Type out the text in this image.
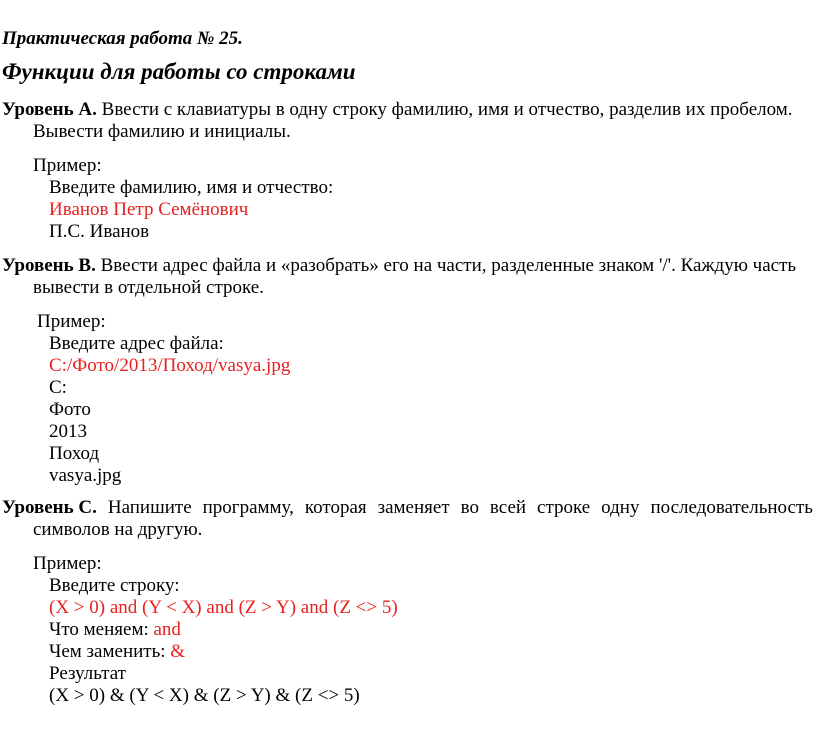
Практическая работа № 25.
Функции для работы со строками
Уровень А. Ввести с клавиатуры в одну строку фамилию, имя и отчество, разделив их пробелом.
Вывести фамилию и инициалы.
Пример:
Введите фамилию, имя и отчество:
Иванов Петр Семёнович
П.С. Иванов
Уровень В. Ввести адрес файла и «разобрать» его на части, разделенные знаком '/'. Каждую часть
вывести в отдельной строке.
Пример:
Введите адрес файла:
C:/Фото/2013/Поход/vasya.jpg
C:
Фото
2013
Поход
vasya.jpg
Уровень С. Напишите программу, которая заменяет во всей строке одну последовательность
символов на другую.
Пример:
Введите строку:
(X > 0) and (Y < X) and (Z > Y) and (Z <> 5)
Что меняем: and
Чем заменить: &
Результат
(X > 0) & (Y < X) & (Z > Y) & (Z <> 5)
